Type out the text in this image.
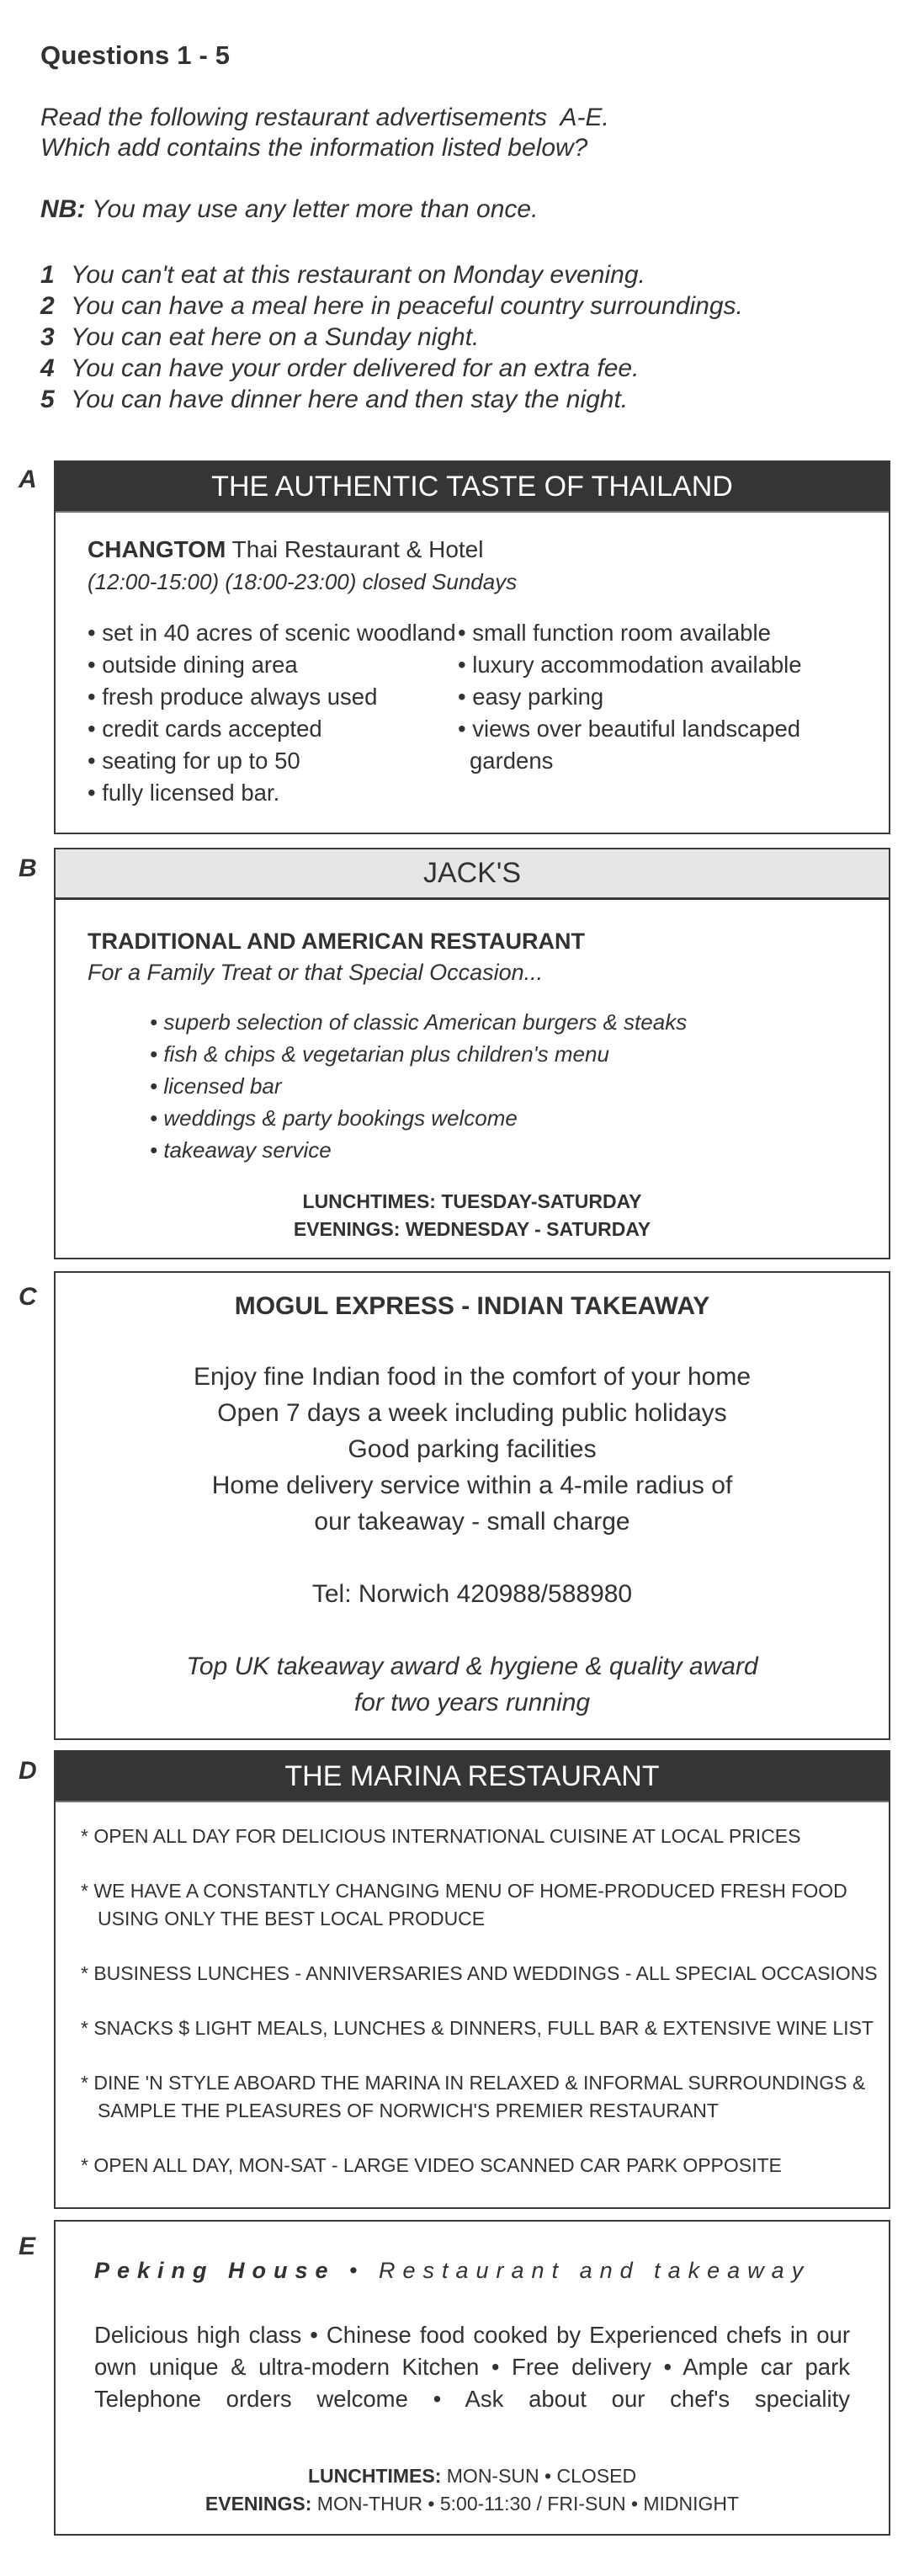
Questions 1 - 5
Read the following restaurant advertisements  A-E.
Which add contains the information listed below?
NB: You may use any letter more than once.
1 You can't eat at this restaurant on Monday evening.
2 You can have a meal here in peaceful country surroundings.
3 You can eat here on a Sunday night.
4 You can have your order delivered for an extra fee.
5 You can have dinner here and then stay the night.
A	THE AUTHENTIC TASTE OF THAILAND
CHANGTOM Thai Restaurant & Hotel
(12:00-15:00) (18:00-23:00) closed Sundays
• set in 40 acres of scenic woodland
• outside dining area
• fresh produce always used
• credit cards accepted
• seating for up to 50
• fully licensed bar.
• small function room available
• luxury accommodation available
• easy parking
• views over beautiful landscaped gardens
B	JACK'S
TRADITIONAL AND AMERICAN RESTAURANT
For a Family Treat or that Special Occasion...
• superb selection of classic American burgers & steaks
• fish & chips & vegetarian plus children's menu
• licensed bar
• weddings & party bookings welcome
• takeaway service
LUNCHTIMES: TUESDAY-SATURDAY
EVENINGS: WEDNESDAY - SATURDAY
C	MOGUL EXPRESS - INDIAN TAKEAWAY
Enjoy fine Indian food in the comfort of your home
Open 7 days a week including public holidays
Good parking facilities
Home delivery service within a 4-mile radius of
our takeaway - small charge
Tel: Norwich 420988/588980
Top UK takeaway award & hygiene & quality award
for two years running
D	THE MARINA RESTAURANT
* OPEN ALL DAY FOR DELICIOUS INTERNATIONAL CUISINE AT LOCAL PRICES
* WE HAVE A CONSTANTLY CHANGING MENU OF HOME-PRODUCED FRESH FOOD USING ONLY THE BEST LOCAL PRODUCE
* BUSINESS LUNCHES - ANNIVERSARIES AND WEDDINGS - ALL SPECIAL OCCASIONS
* SNACKS $ LIGHT MEALS, LUNCHES & DINNERS, FULL BAR & EXTENSIVE WINE LIST
* DINE 'N STYLE ABOARD THE MARINA IN RELAXED & INFORMAL SURROUNDINGS & SAMPLE THE PLEASURES OF NORWICH'S PREMIER RESTAURANT
* OPEN ALL DAY, MON-SAT - LARGE VIDEO SCANNED CAR PARK OPPOSITE
E
Peking House • Restaurant and takeaway
Delicious high class • Chinese food cooked by Experienced chefs in our own unique & ultra-modern Kitchen • Free delivery • Ample car park Telephone orders welcome • Ask about our chef's speciality
LUNCHTIMES: MON-SUN • CLOSED
EVENINGS: MON-THUR • 5:00-11:30 / FRI-SUN • MIDNIGHT
